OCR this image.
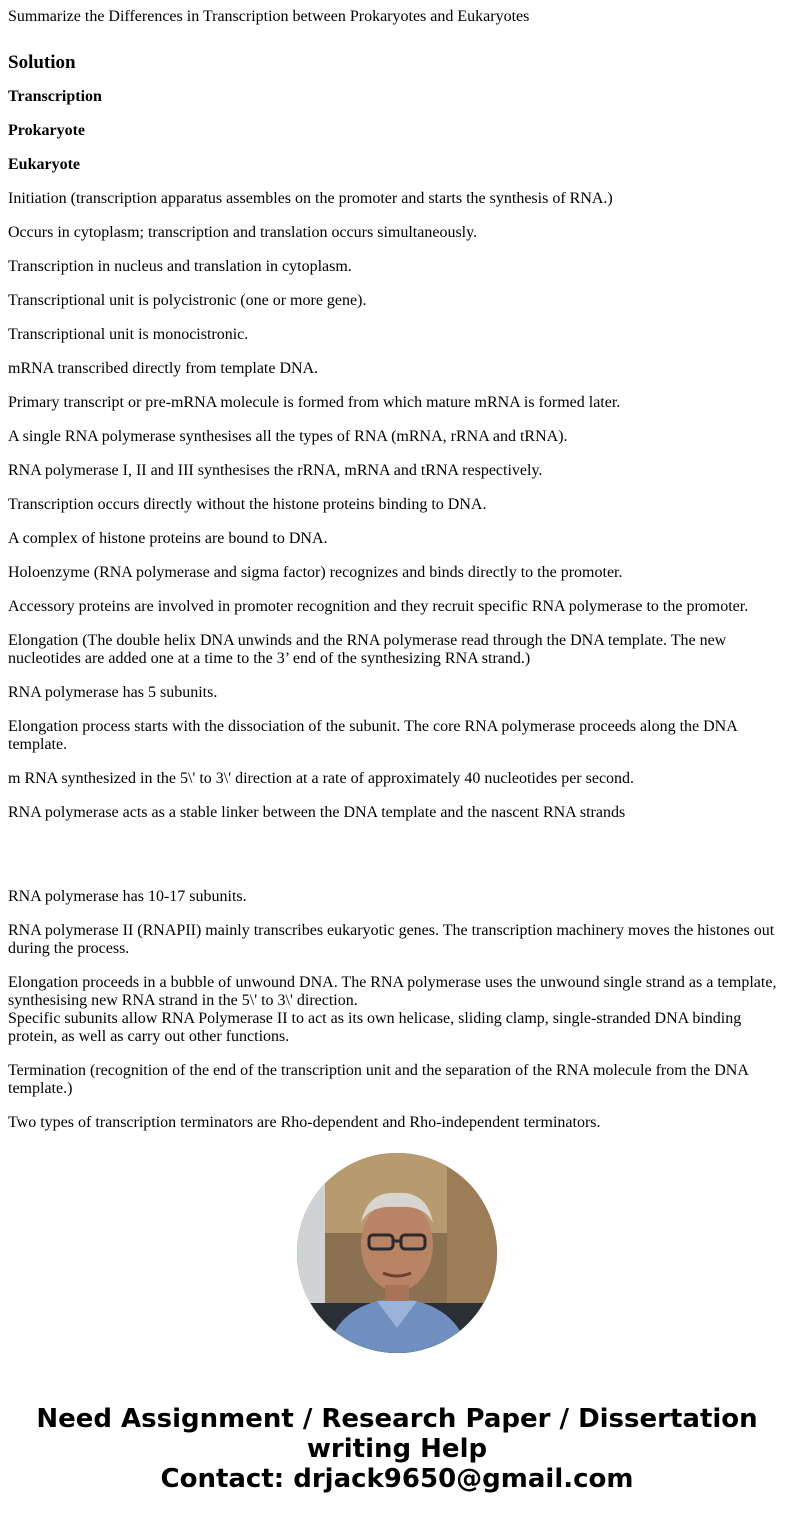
Summarize the Differences in Transcription between Prokaryotes and Eukaryotes
Solution

Transcription

Prokaryote

Eukaryote

Initiation (transcription apparatus assembles on the promoter and starts the synthesis of RNA.)

Occurs in cytoplasm; transcription and translation occurs simultaneously.

Transcription in nucleus and translation in cytoplasm.

Transcriptional unit is polycistronic (one or more gene).

Transcriptional unit is monocistronic.

mRNA transcribed directly from template DNA.

Primary transcript or pre-mRNA molecule is formed from which mature mRNA is formed later.

A single RNA polymerase synthesises all the types of RNA (mRNA, rRNA and tRNA).

RNA polymerase I, II and III synthesises the rRNA, mRNA and tRNA respectively.

Transcription occurs directly without the histone proteins binding to DNA.

A complex of histone proteins are bound to DNA.

Holoenzyme (RNA polymerase and sigma factor) recognizes and binds directly to the promoter.

Accessory proteins are involved in promoter recognition and they recruit specific RNA polymerase to the promoter.

Elongation (The double helix DNA unwinds and the RNA polymerase read through the DNA template. The new nucleotides are added one at a time to the 3’ end of the synthesizing RNA strand.)

RNA polymerase has 5 subunits.

Elongation process starts with the dissociation of the subunit. The core RNA polymerase proceeds along the DNA template.

m RNA synthesized in the 5\' to 3\' direction at a rate of approximately 40 nucleotides per second.

RNA polymerase acts as a stable linker between the DNA template and the nascent RNA strands

RNA polymerase has 10-17 subunits.

RNA polymerase II (RNAPII) mainly transcribes eukaryotic genes. The transcription machinery moves the histones out during the process.

Elongation proceeds in a bubble of unwound DNA. The RNA polymerase uses the unwound single strand as a template, synthesising new RNA strand in the 5\' to 3\' direction.
Specific subunits allow RNA Polymerase II to act as its own helicase, sliding clamp, single-stranded DNA binding protein, as well as carry out other functions.

Termination (recognition of the end of the transcription unit and the separation of the RNA molecule from the DNA template.)

Two types of transcription terminators are Rho-dependent and Rho-independent terminators.

Need Assignment / Research Paper / Dissertation
writing Help
Contact: drjack9650@gmail.com
